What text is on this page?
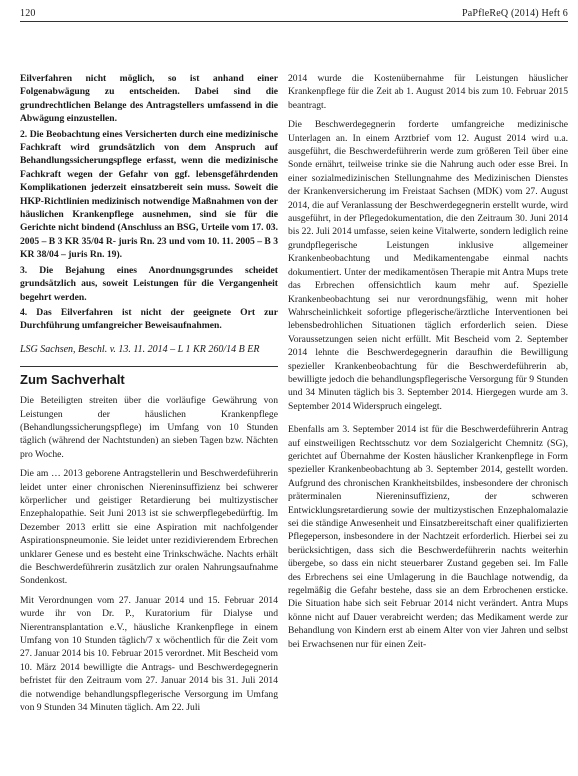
120	PaPfleReQ (2014) Heft 6

Eilverfahren nicht möglich, so ist anhand einer Folgenabwägung zu entscheiden. Dabei sind die grundrechtlichen Belange des Antragstellers umfassend in die Abwägung einzustellen.

2. Die Beobachtung eines Versicherten durch eine medizinische Fachkraft wird grundsätzlich von dem Anspruch auf Behandlungssicherungspflege erfasst, wenn die medizinische Fachkraft wegen der Gefahr von ggf. lebensgefährdenden Komplikationen jederzeit einsatzbereit sein muss. Soweit die HKP-Richtlinien medizinisch notwendige Maßnahmen von der häuslichen Krankenpflege ausnehmen, sind sie für die Gerichte nicht bindend (Anschluss an BSG, Urteile vom 17. 03. 2005 – B 3 KR 35/04 R- juris Rn. 23 und vom 10. 11. 2005 – B 3 KR 38/04 – juris Rn. 19).

3. Die Bejahung eines Anordnungsgrundes scheidet grundsätzlich aus, soweit Leistungen für die Vergangenheit begehrt werden.

4. Das Eilverfahren ist nicht der geeignete Ort zur Durchführung umfangreicher Beweisaufnahmen.

LSG Sachsen, Beschl. v. 13. 11. 2014 – L 1 KR 260/14 B ER
Zum Sachverhalt

Die Beteiligten streiten über die vorläufige Gewährung von Leistungen der häuslichen Krankenpflege (Behandlungssicherungspflege) im Umfang von 10 Stunden täglich (während der Nachtstunden) an sieben Tagen bzw. Nächten pro Woche.

Die am … 2013 geborene Antragstellerin und Beschwerdeführerin leidet unter einer chronischen Niereninsuffizienz bei schwerer körperlicher und geistiger Retardierung bei multizystischer Enzephalopathie. Seit Juni 2013 ist sie schwerpflegebedürftig. Im Dezember 2013 erlitt sie eine Aspiration mit nachfolgender Aspirationspneumonie. Sie leidet unter rezidivierendem Erbrechen unklarer Genese und es besteht eine Trinkschwäche. Nachts erhält die Beschwerdeführerin zusätzlich zur oralen Nahrungsaufnahme Sondenkost.

Mit Verordnungen vom 27. Januar 2014 und 15. Februar 2014 wurde ihr von Dr. P., Kuratorium für Dialyse und Nierentransplantation e.V., häusliche Krankenpflege in einem Umfang von 10 Stunden täglich/7 x wöchentlich für die Zeit vom 27. Januar 2014 bis 10. Februar 2015 verordnet. Mit Bescheid vom 10. März 2014 bewilligte die Antrags- und Beschwerdegegnerin befristet für den Zeitraum vom 27. Januar 2014 bis 31. Juli 2014 die notwendige behandlungspflegerische Versorgung im Umfang von 9 Stunden 34 Minuten täglich. Am 22. Juli

2014 wurde die Kostenübernahme für Leistungen häuslicher Krankenpflege für die Zeit ab 1. August 2014 bis zum 10. Februar 2015 beantragt.

Die Beschwerdegegnerin forderte umfangreiche medizinische Unterlagen an. In einem Arztbrief vom 12. August 2014 wird u.a. ausgeführt, die Beschwerdeführerin werde zum größeren Teil über eine Sonde ernährt, teilweise trinke sie die Nahrung auch oder esse Brei. In einer sozialmedizinischen Stellungnahme des Medizinischen Dienstes der Krankenversicherung im Freistaat Sachsen (MDK) vom 27. August 2014, die auf Veranlassung der Beschwerdegegnerin erstellt wurde, wird ausgeführt, in der Pflegedokumentation, die den Zeitraum 30. Juni 2014 bis 22. Juli 2014 umfasse, seien keine Vitalwerte, sondern lediglich reine grundpflegerische Leistungen inklusive allgemeiner Krankenbeobachtung und Medikamentengabe einmal nachts dokumentiert. Unter der medikamentösen Therapie mit Antra Mups trete das Erbrechen offensichtlich kaum mehr auf. Spezielle Krankenbeobachtung sei nur verordnungsfähig, wenn mit hoher Wahrscheinlichkeit sofortige pflegerische/ärztliche Interventionen bei lebensbedrohlichen Situationen täglich erforderlich seien. Diese Voraussetzungen seien nicht erfüllt. Mit Bescheid vom 2. September 2014 lehnte die Beschwerdegegnerin daraufhin die Bewilligung spezieller Krankenbeobachtung für die Beschwerdeführerin ab, bewilligte jedoch die behandlungspflegerische Versorgung für 9 Stunden und 34 Minuten täglich bis 3. September 2014. Hiergegen wurde am 3. September 2014 Widerspruch eingelegt.

Ebenfalls am 3. September 2014 ist für die Beschwerdeführerin Antrag auf einstweiligen Rechtsschutz vor dem Sozialgericht Chemnitz (SG), gerichtet auf Übernahme der Kosten häuslicher Krankenpflege in Form spezieller Krankenbeobachtung ab 3. September 2014, gestellt worden. Aufgrund des chronischen Krankheitsbildes, insbesondere der chronisch präterminalen Niereninsuffizienz, der schweren Entwicklungsretardierung sowie der multizystischen Enzephalomalazie sei die ständige Anwesenheit und Einsatzbereitschaft einer qualifizierten Pflegeperson, insbesondere in der Nachtzeit erforderlich. Hierbei sei zu berücksichtigen, dass sich die Beschwerdeführerin nachts weiterhin übergebe, so dass ein nicht steuerbarer Zustand gegeben sei. Im Falle des Erbrechens sei eine Umlagerung in die Bauchlage notwendig, da regelmäßig die Gefahr bestehe, dass sie an dem Erbrochenen ersticke. Die Situation habe sich seit Februar 2014 nicht verändert. Antra Mups könne nicht auf Dauer verabreicht werden; das Medikament werde zur Behandlung von Kindern erst ab einem Alter von vier Jahren und selbst bei Erwachsenen nur für einen Zeit-
